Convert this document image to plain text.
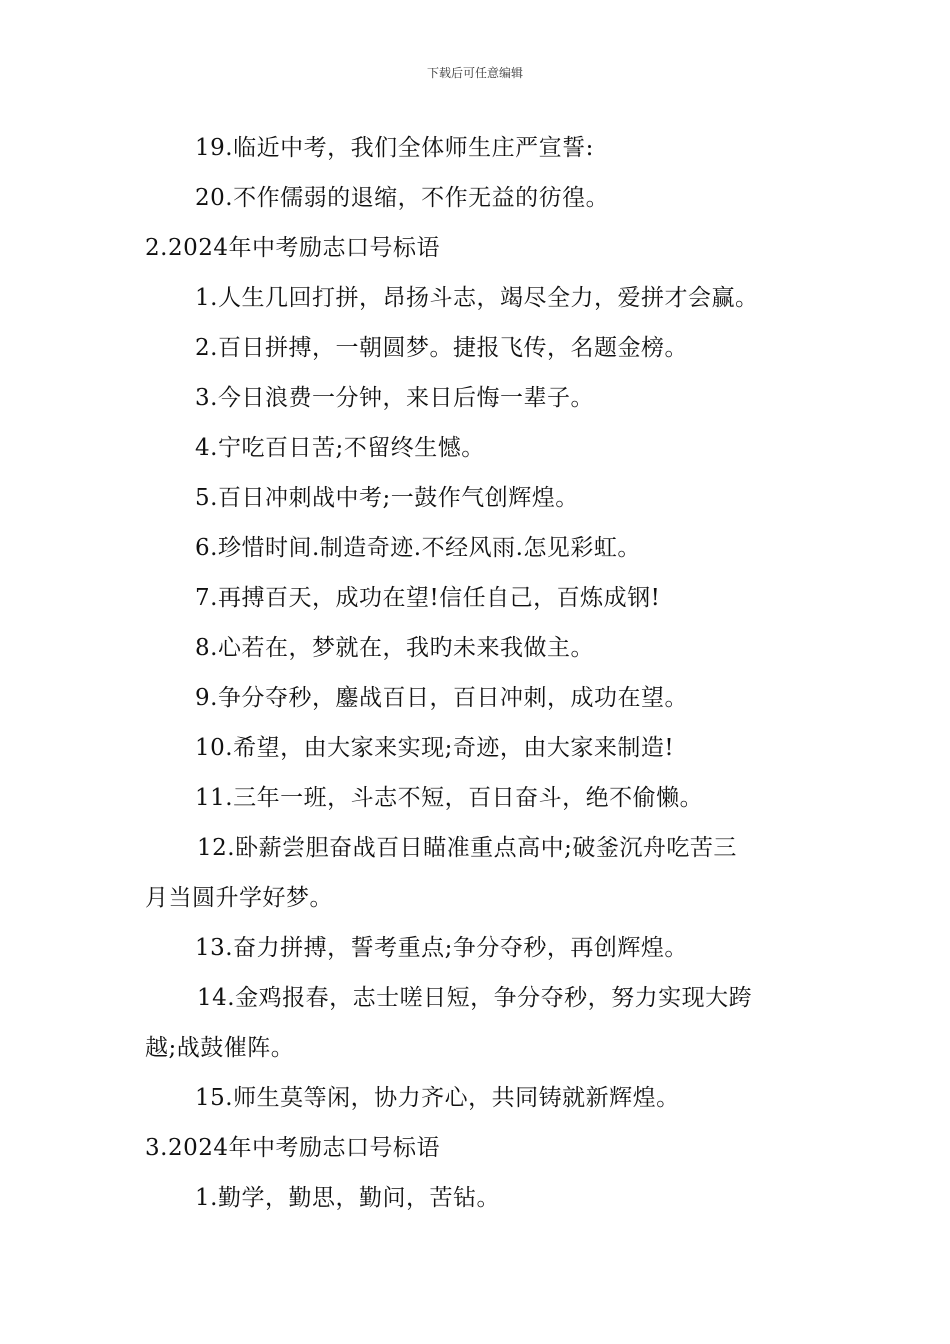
下载后可任意编辑
19.临近中考，我们全体师生庄严宣誓:
20.不作儒弱的退缩，不作无益的彷徨。
2.2024年中考励志口号标语
1.人生几回打拼，昂扬斗志，竭尽全力，爱拼才会赢。
2.百日拼搏，一朝圆梦。捷报飞传，名题金榜。
3.今日浪费一分钟，来日后悔一辈子。
4.宁吃百日苦;不留终生憾。
5.百日冲刺战中考;一鼓作气创辉煌。
6.珍惜时间.制造奇迹.不经风雨.怎见彩虹。
7.再搏百天，成功在望!信任自己，百炼成钢!
8.心若在，梦就在，我旳未来我做主。
9.争分夺秒，鏖战百日，百日冲刺，成功在望。
10.希望，由大家来实现;奇迹，由大家来制造!
11.三年一班，斗志不短，百日奋斗，绝不偷懒。
12.卧薪尝胆奋战百日瞄准重点高中;破釜沉舟吃苦三
月当圆升学好梦。
13.奋力拼搏，誓考重点;争分夺秒，再创辉煌。
14.金鸡报春，志士嗟日短，争分夺秒，努力实现大跨
越;战鼓催阵。
15.师生莫等闲，协力齐心，共同铸就新辉煌。
3.2024年中考励志口号标语
1.勤学，勤思，勤问，苦钻。
